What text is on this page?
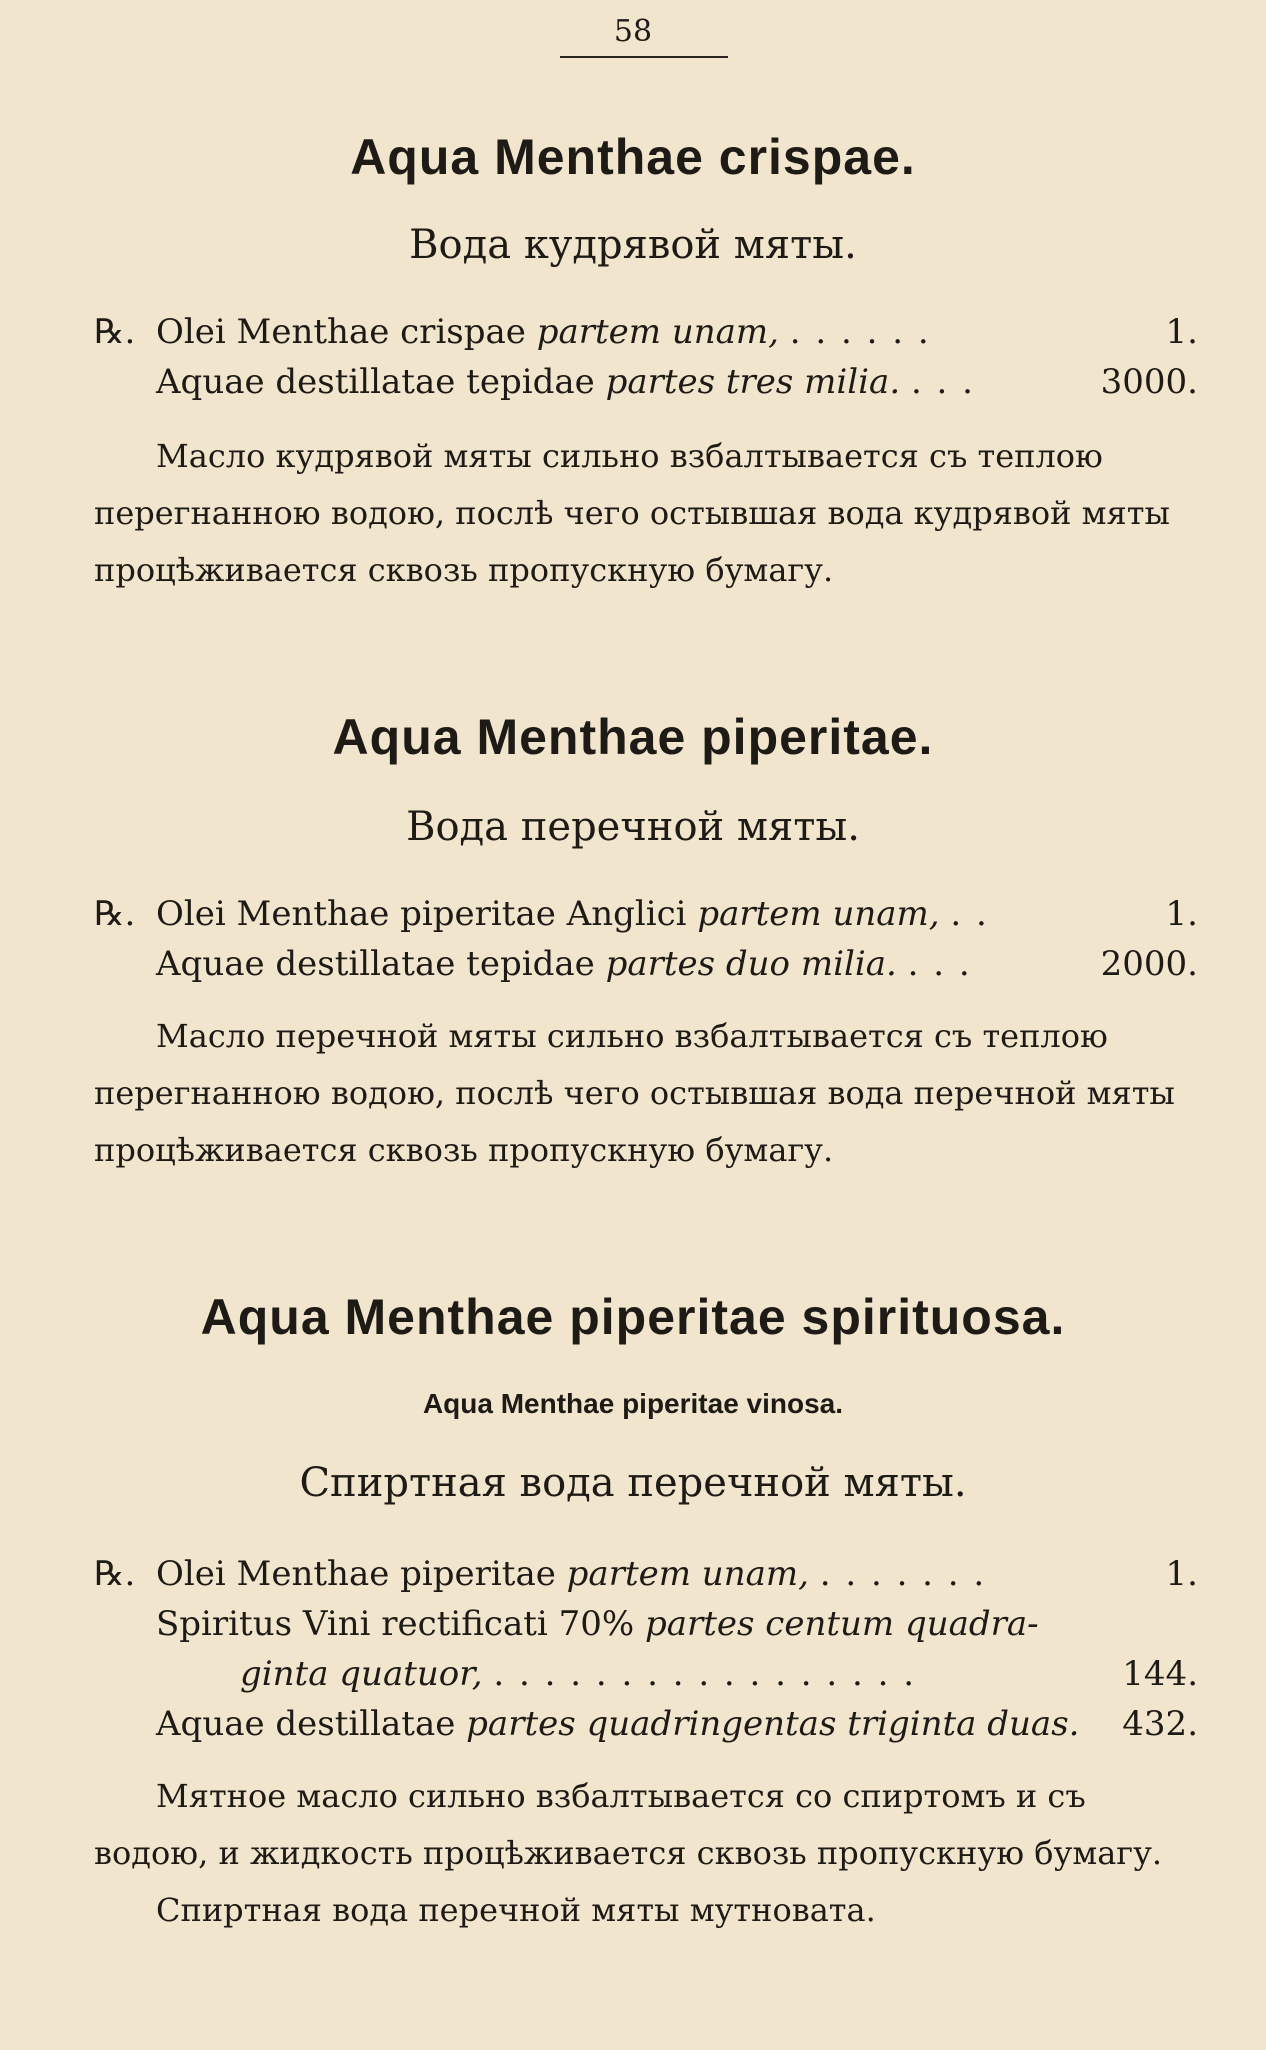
58
Aqua Menthae crispae.
Вода кудрявой мяты.
℞. Olei Menthae crispae partem unam, . . . . . .	1.
Aquae destillatae tepidae partes tres milia. . . .	3000.
Масло кудрявой мяты сильно взбалтывается съ теплою перегнанною водою, послѣ чего остывшая вода кудрявой мяты процѣживается сквозь пропускную бумагу.
Aqua Menthae piperitae.
Вода перечной мяты.
℞. Olei Menthae piperitae Anglici partem unam, . .	1.
Aquae destillatae tepidae partes duo milia. . . .	2000.
Масло перечной мяты сильно взбалтывается съ теплою перегнанною водою, послѣ чего остывшая вода перечной мяты процѣживается сквозь пропускную бумагу.
Aqua Menthae piperitae spirituosa.
Aqua Menthae piperitae vinosa.
Спиртная вода перечной мяты.
℞. Olei Menthae piperitae partem unam, . . . . . . .	1.
Spiritus Vini rectificati 70% partes centum quadra-
ginta quatuor, . . . . . . . . . . . . . . . . .	144.
Aquae destillatae partes quadringentas triginta duas. 432.
Мятное масло сильно взбалтывается со спиртомъ и съ водою, и жидкость процѣживается сквозь пропускную бумагу.
Спиртная вода перечной мяты мутновата.
